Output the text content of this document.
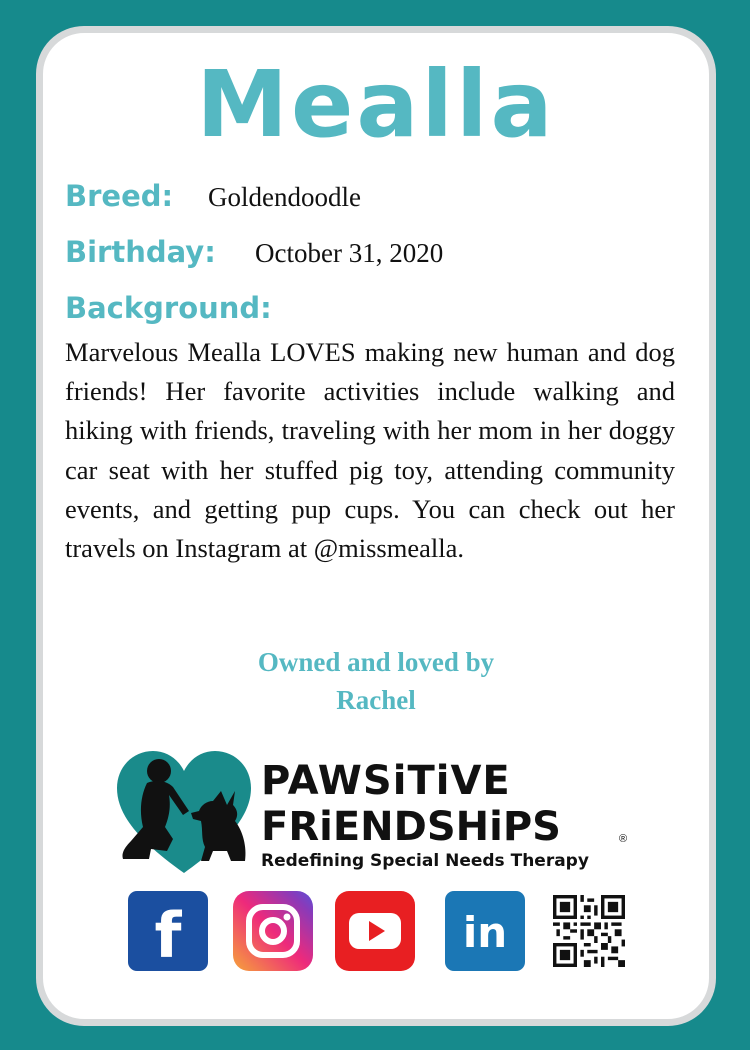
Mealla
Breed: Goldendoodle
Birthday: October 31, 2020
Background:
Marvelous Mealla LOVES making new human and dog friends! Her favorite activities include walking and hiking with friends, traveling with her mom in her doggy car seat with her stuffed pig toy, attending community events, and getting pup cups. You can check out her travels on Instagram at @missmealla.
Owned and loved by
Rachel
PAWSiTiVE
FRiENDSHiPS	®
Redefining Special Needs Therapy
f	in
